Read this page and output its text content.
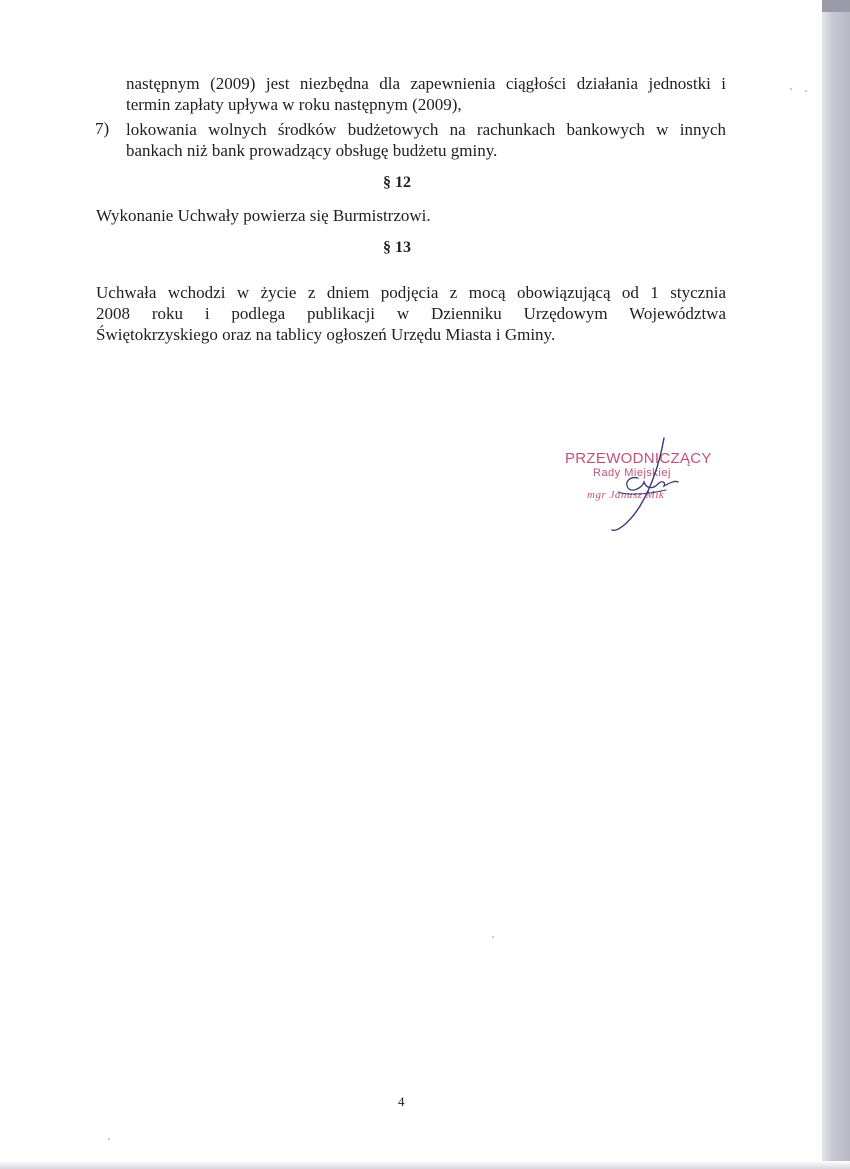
następnym (2009) jest niezbędna dla zapewnienia ciągłości działania jednostki i
termin zapłaty upływa w roku następnym (2009),
7) lokowania wolnych środków budżetowych na rachunkach bankowych w innych
bankach niż bank prowadzący obsługę budżetu gminy.
§ 12
Wykonanie Uchwały powierza się Burmistrzowi.
§ 13
Uchwała wchodzi w życie z dniem podjęcia z mocą obowiązującą od 1 stycznia
2008 roku i podlega publikacji w Dzienniku Urzędowym Województwa
Świętokrzyskiego oraz na tablicy ogłoszeń Urzędu Miasta i Gminy.
PRZEWODNICZĄCY
Rady Miejskiej
mgr Janusz Mik
4
